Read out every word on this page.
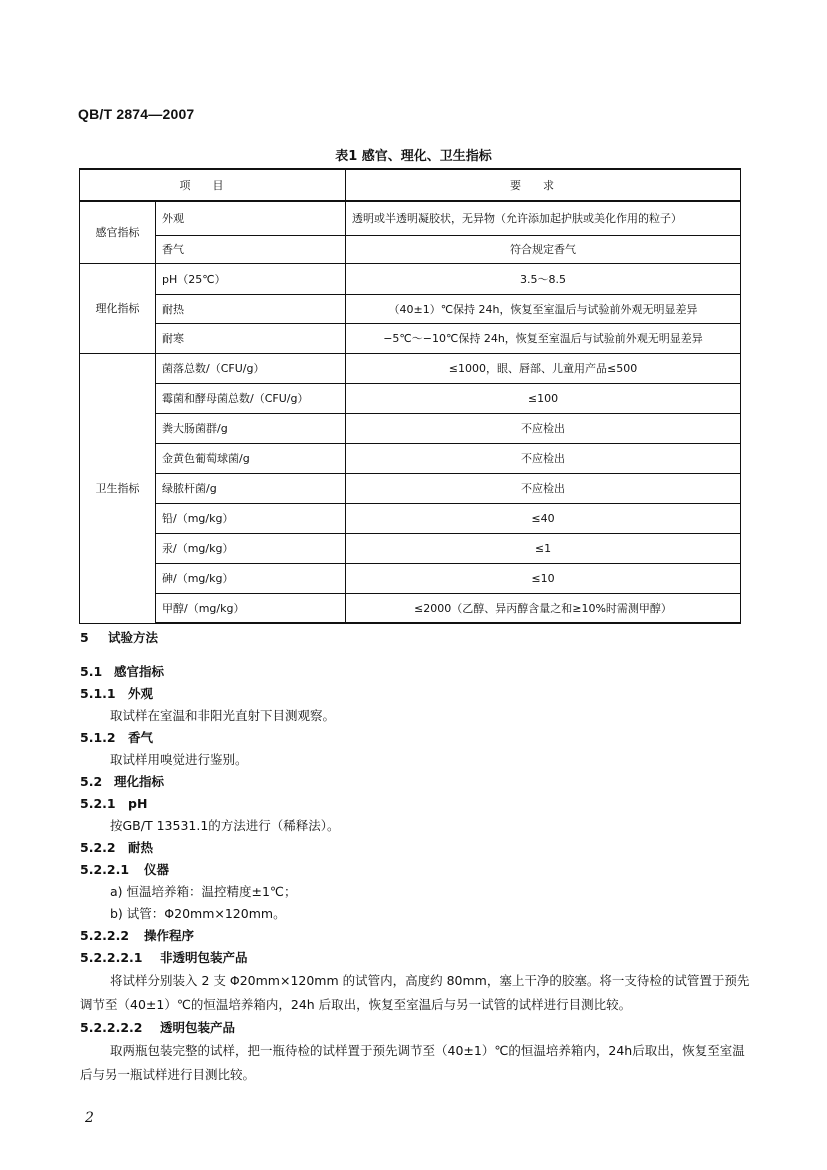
QB/T 2874—2007
表1 感官、理化、卫生指标
项目		要求
感官指标	外观	透明或半透明凝胶状，无异物（允许添加起护肤或美化作用的粒子）
	香气	符合规定香气
理化指标	pH（25℃）	3.5～8.5
	耐热	（40±1）℃保持 24h，恢复至室温后与试验前外观无明显差异
	耐寒	−5℃～−10℃保持 24h，恢复至室温后与试验前外观无明显差异
卫生指标	菌落总数/（CFU/g）	≤1000，眼、唇部、儿童用产品≤500
	霉菌和酵母菌总数/（CFU/g）	≤100
	粪大肠菌群/g	不应检出
	金黄色葡萄球菌/g	不应检出
	绿脓杆菌/g	不应检出
	铅/（mg/kg）	≤40
	汞/（mg/kg）	≤1
	砷/（mg/kg）	≤10
	甲醇/（mg/kg）	≤2000（乙醇、异丙醇含量之和≥10%时需测甲醇）
5 试验方法
5.1 感官指标
5.1.1 外观
取试样在室温和非阳光直射下目测观察。
5.1.2 香气
取试样用嗅觉进行鉴别。
5.2 理化指标
5.2.1 pH
按GB/T 13531.1的方法进行（稀释法）。
5.2.2 耐热
5.2.2.1 仪器
a) 恒温培养箱：温控精度±1℃；
b) 试管：Φ20mm×120mm。
5.2.2.2 操作程序
5.2.2.2.1 非透明包装产品
将试样分别装入 2 支 Φ20mm×120mm 的试管内，高度约 80mm，塞上干净的胶塞。将一支待检的试管置于预先调节至（40±1）℃的恒温培养箱内，24h 后取出，恢复至室温后与另一试管的试样进行目测比较。
5.2.2.2.2 透明包装产品
取两瓶包装完整的试样，把一瓶待检的试样置于预先调节至（40±1）℃的恒温培养箱内，24h后取出，恢复至室温后与另一瓶试样进行目测比较。
2
